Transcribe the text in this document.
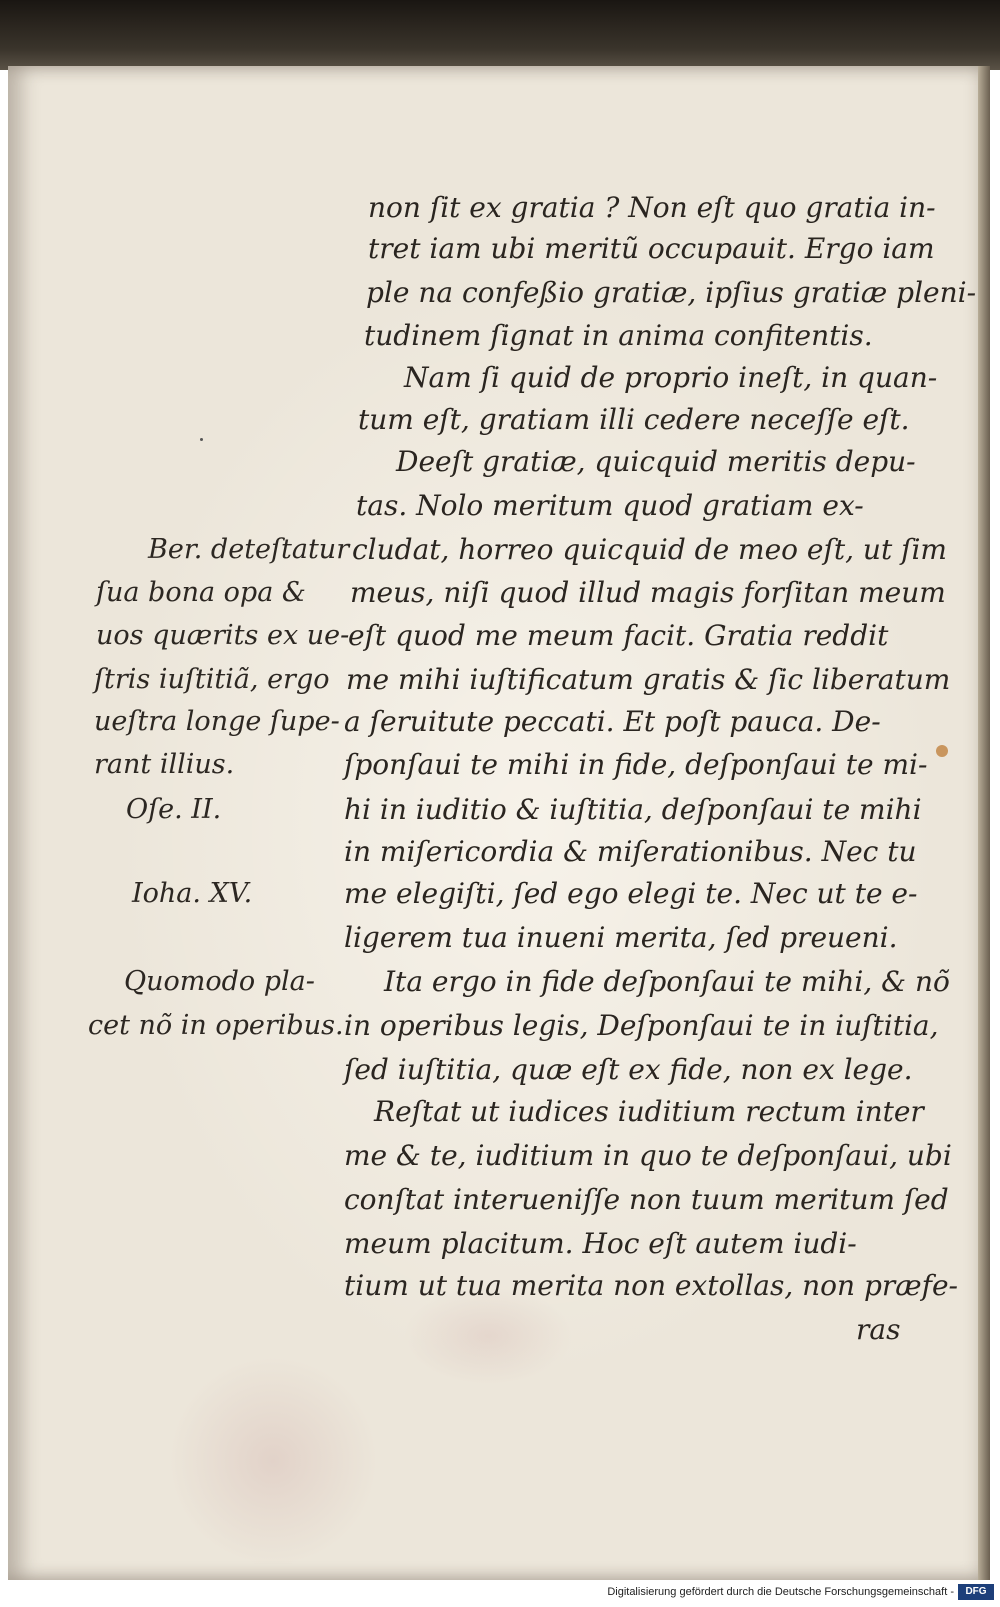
non ſit ex gratia ? Non eſt quo gratia in-
tret iam ubi meritũ occupauit. Ergo iam
ple na confeßio gratiæ, ipſius gratiæ pleni-
tudinem ſignat in anima confitentis.
Nam ſi quid de proprio ineſt, in quan-
tum eſt, gratiam illi cedere neceſſe eſt.
Deeſt gratiæ, quicquid meritis depu-
tas. Nolo meritum quod gratiam ex-
cludat, horreo quicquid de meo eſt, ut ſim
meus, niſi quod illud magis forſitan meum
eſt quod me meum facit. Gratia reddit
me mihi iuſtificatum gratis & ſic liberatum
a ſeruitute peccati. Et poſt pauca. De-
ſponſaui te mihi in fide, deſponſaui te mi-
hi in iuditio & iuſtitia, deſponſaui te mihi
in miſericordia & miſerationibus. Nec tu
me elegiſti, ſed ego elegi te. Nec ut te e-
ligerem tua inueni merita, ſed preueni.
Ita ergo in fide deſponſaui te mihi, & nõ
in operibus legis, Deſponſaui te in iuſtitia,
ſed iuſtitia, quæ eſt ex fide, non ex lege.
Reſtat ut iudices iuditium rectum inter
me & te, iuditium in quo te deſponſaui, ubi
conſtat interueniſſe non tuum meritum ſed
meum placitum. Hoc eſt autem iudi-
tium ut tua merita non extollas, non præfe-
ras
Ber. deteſtatur
ſua bona opa &
uos quærits ex ue-
ſtris iuſtitiã, ergo
ueſtra longe ſupe-
rant illius.
Oſe. II.
Ioha. XV.
Quomodo pla-
cet nõ in operibus.
Digitalisierung gefördert durch die Deutsche Forschungsgemeinschaft -	DFG
